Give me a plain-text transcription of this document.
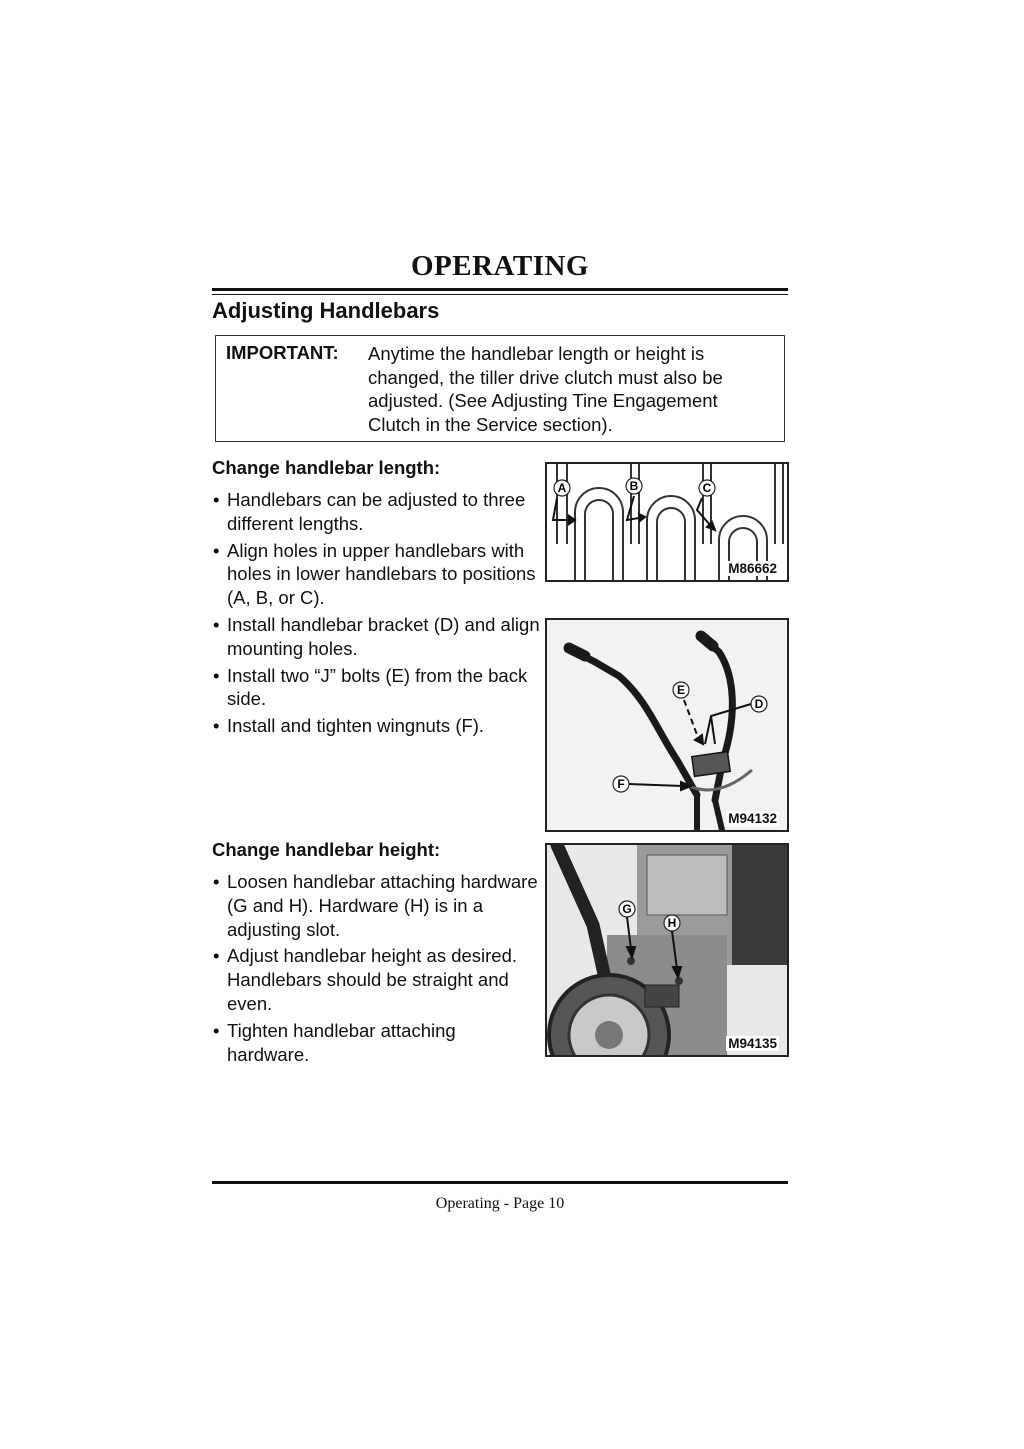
OPERATING
Adjusting Handlebars
IMPORTANT: Anytime the handlebar length or height is changed, the tiller drive clutch must also be adjusted. (See Adjusting Tine Engagement Clutch in the Service section).
Change handlebar length:
• Handlebars can be adjusted to three different lengths.
• Align holes in upper handlebars with holes in lower handlebars to positions (A, B, or C).
• Install handlebar bracket (D) and align mounting holes.
• Install two “J” bolts (E) from the back side.
• Install and tighten wingnuts (F).
Change handlebar height:
• Loosen handlebar attaching hardware (G and H). Hardware (H) is in a adjusting slot.
• Adjust handlebar height as desired. Handlebars should be straight and even.
• Tighten handlebar attaching hardware.
A	B	C
M86662
E
D
F
M94132
G
H
M94135
Operating - Page 10
